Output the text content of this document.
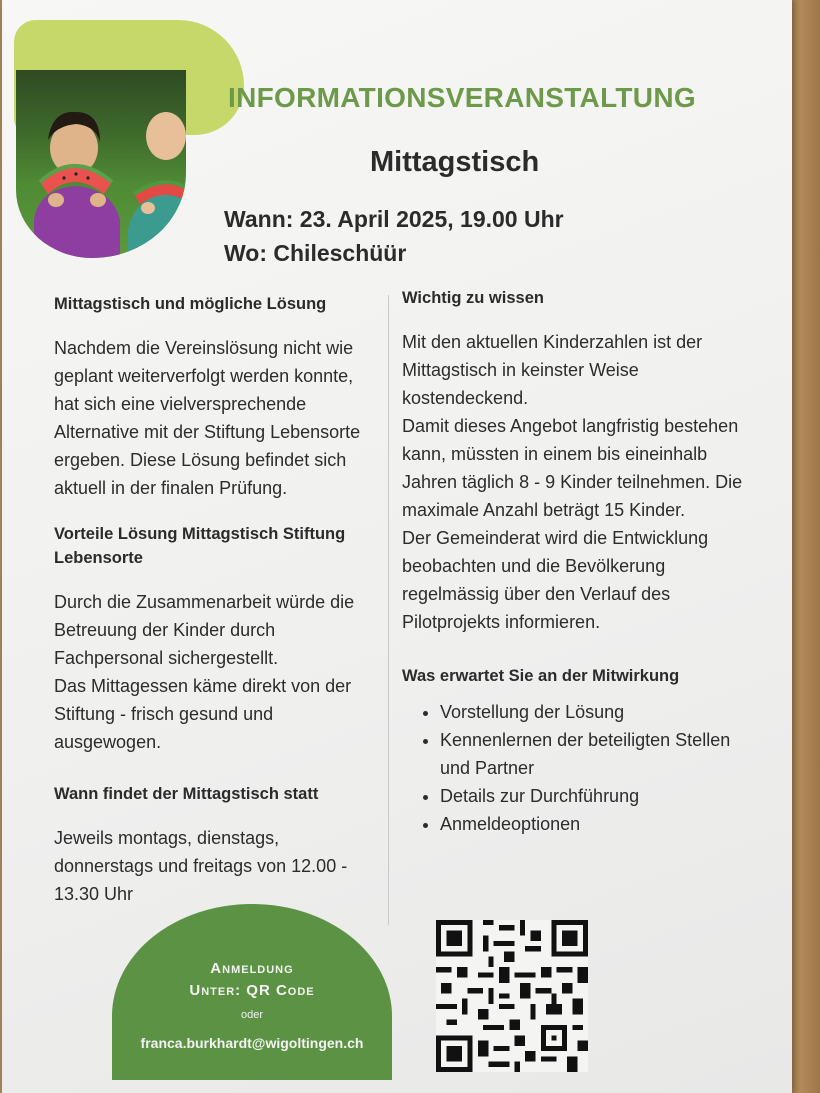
INFORMATIONSVERANSTALTUNG
Mittagstisch
Wann: 23. April 2025, 19.00 Uhr
Wo: Chileschüür
Mittagstisch und mögliche Lösung

Nachdem die Vereinslösung nicht wie geplant weiterverfolgt werden konnte, hat sich eine vielversprechende Alternative mit der Stiftung Lebensorte ergeben. Diese Lösung befindet sich aktuell in der finalen Prüfung.

Vorteile Lösung Mittagstisch Stiftung Lebensorte

Durch die Zusammenarbeit würde die Betreuung der Kinder durch Fachpersonal sichergestellt.

Das Mittagessen käme direkt von der Stiftung - frisch gesund und ausgewogen.

Wann findet der Mittagstisch statt

Jeweils montags, dienstags, donnerstags und freitags von 12.00 - 13.30 Uhr

Wichtig zu wissen

Mit den aktuellen Kinderzahlen ist der Mittagstisch in keinster Weise kostendeckend.

Damit dieses Angebot langfristig bestehen kann, müssten in einem bis eineinhalb Jahren täglich 8 - 9 Kinder teilnehmen. Die maximale Anzahl beträgt 15 Kinder.

Der Gemeinderat wird die Entwicklung beobachten und die Bevölkerung regelmässig über den Verlauf des Pilotprojekts informieren.

Was erwartet Sie an der Mitwirkung
• Vorstellung der Lösung
• Kennenlernen der beteiligten Stellen und Partner
• Details zur Durchführung
• Anmeldeoptionen
Anmeldung
Unter: QR Code
oder
franca.burkhardt@wigoltingen.ch
